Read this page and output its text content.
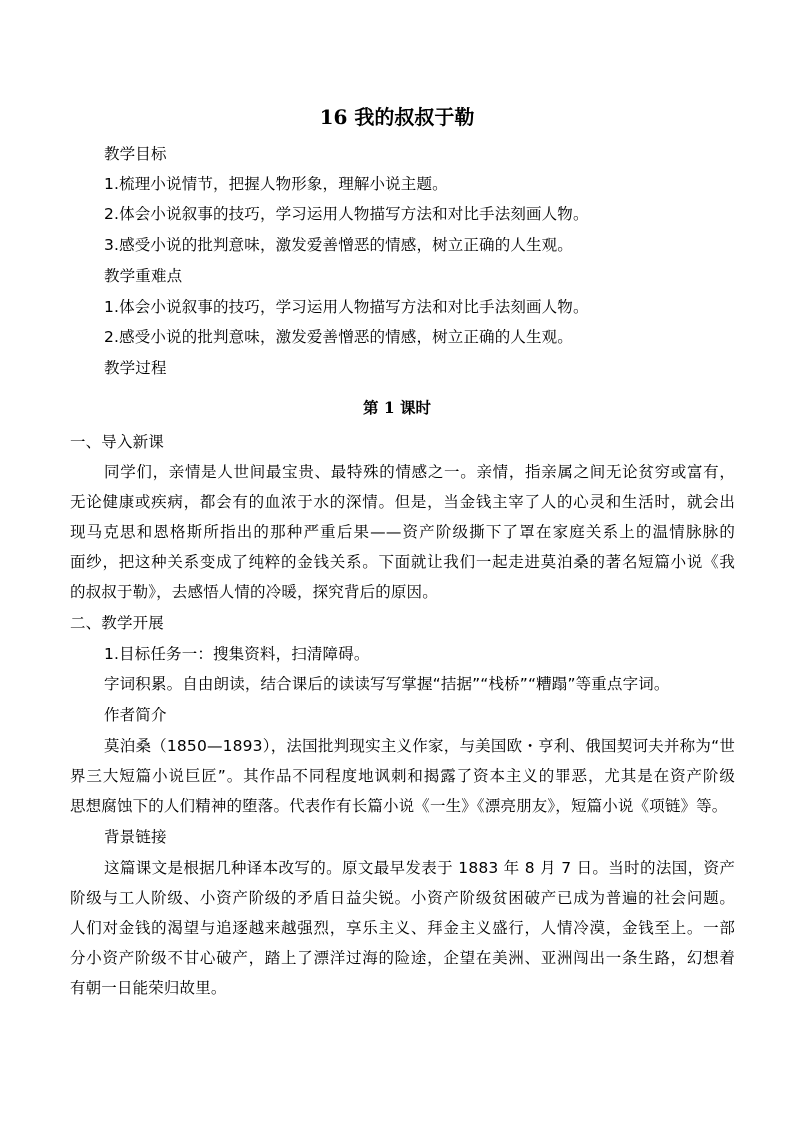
16 我的叔叔于勒
教学目标
1.梳理小说情节，把握人物形象，理解小说主题。
2.体会小说叙事的技巧，学习运用人物描写方法和对比手法刻画人物。
3.感受小说的批判意味，激发爱善憎恶的情感，树立正确的人生观。
教学重难点
1.体会小说叙事的技巧，学习运用人物描写方法和对比手法刻画人物。
2.感受小说的批判意味，激发爱善憎恶的情感，树立正确的人生观。
教学过程
第 1 课时
一、导入新课
同学们，亲情是人世间最宝贵、最特殊的情感之一。亲情，指亲属之间无论贫穷或富有，
无论健康或疾病，都会有的血浓于水的深情。但是，当金钱主宰了人的心灵和生活时，就会出
现马克思和恩格斯所指出的那种严重后果——资产阶级撕下了罩在家庭关系上的温情脉脉的
面纱，把这种关系变成了纯粹的金钱关系。下面就让我们一起走进莫泊桑的著名短篇小说《我
的叔叔于勒》，去感悟人情的冷暖，探究背后的原因。
二、教学开展
1.目标任务一：搜集资料，扫清障碍。
字词积累。自由朗读，结合课后的读读写写掌握“拮据”“栈桥”“糟蹋”等重点字词。
作者简介
莫泊桑（1850—1893），法国批判现实主义作家，与美国欧・亨利、俄国契诃夫并称为“世
界三大短篇小说巨匠”。其作品不同程度地讽刺和揭露了资本主义的罪恶，尤其是在资产阶级
思想腐蚀下的人们精神的堕落。代表作有长篇小说《一生》《漂亮朋友》，短篇小说《项链》等。
背景链接
这篇课文是根据几种译本改写的。原文最早发表于 1883 年 8 月 7 日。当时的法国，资产
阶级与工人阶级、小资产阶级的矛盾日益尖锐。小资产阶级贫困破产已成为普遍的社会问题。
人们对金钱的渴望与追逐越来越强烈，享乐主义、拜金主义盛行，人情冷漠，金钱至上。一部
分小资产阶级不甘心破产，踏上了漂洋过海的险途，企望在美洲、亚洲闯出一条生路，幻想着
有朝一日能荣归故里。
